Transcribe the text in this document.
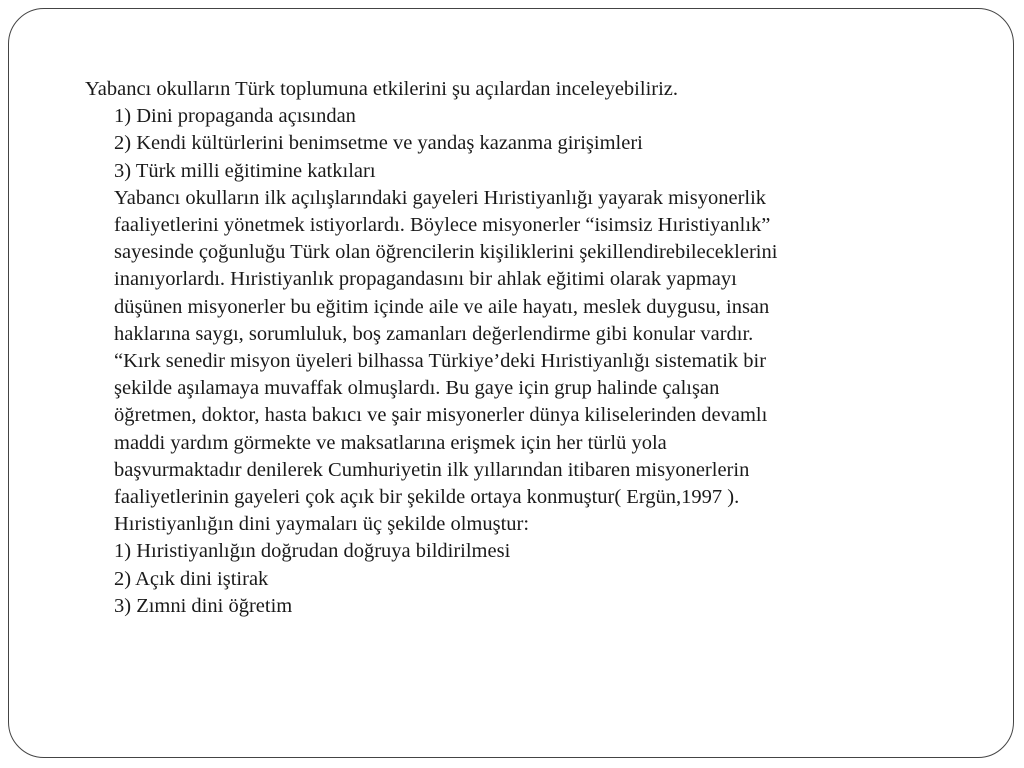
Yabancı okulların Türk toplumuna etkilerini şu açılardan inceleyebiliriz.
1) Dini propaganda açısından
2) Kendi kültürlerini benimsetme ve yandaş kazanma girişimleri
3) Türk milli eğitimine katkıları
Yabancı okulların ilk açılışlarındaki gayeleri Hıristiyanlığı yayarak misyonerlik
faaliyetlerini yönetmek istiyorlardı. Böylece misyonerler “isimsiz Hıristiyanlık”
sayesinde çoğunluğu Türk olan öğrencilerin kişiliklerini şekillendirebileceklerini
inanıyorlardı. Hıristiyanlık propagandasını bir ahlak eğitimi olarak yapmayı
düşünen misyonerler bu eğitim içinde aile ve aile hayatı, meslek duygusu, insan
haklarına saygı, sorumluluk, boş zamanları değerlendirme gibi konular vardır.
“Kırk senedir misyon üyeleri bilhassa Türkiye’deki Hıristiyanlığı sistematik bir
şekilde aşılamaya muvaffak olmuşlardı. Bu gaye için grup halinde çalışan
öğretmen, doktor, hasta bakıcı ve şair misyonerler dünya kiliselerinden devamlı
maddi yardım görmekte ve maksatlarına erişmek için her türlü yola
başvurmaktadır denilerek Cumhuriyetin ilk yıllarından itibaren misyonerlerin
faaliyetlerinin gayeleri çok açık bir şekilde ortaya konmuştur( Ergün,1997 ).
Hıristiyanlığın dini yaymaları üç şekilde olmuştur:
1) Hıristiyanlığın doğrudan doğruya bildirilmesi
2) Açık dini iştirak
3) Zımni dini öğretim
